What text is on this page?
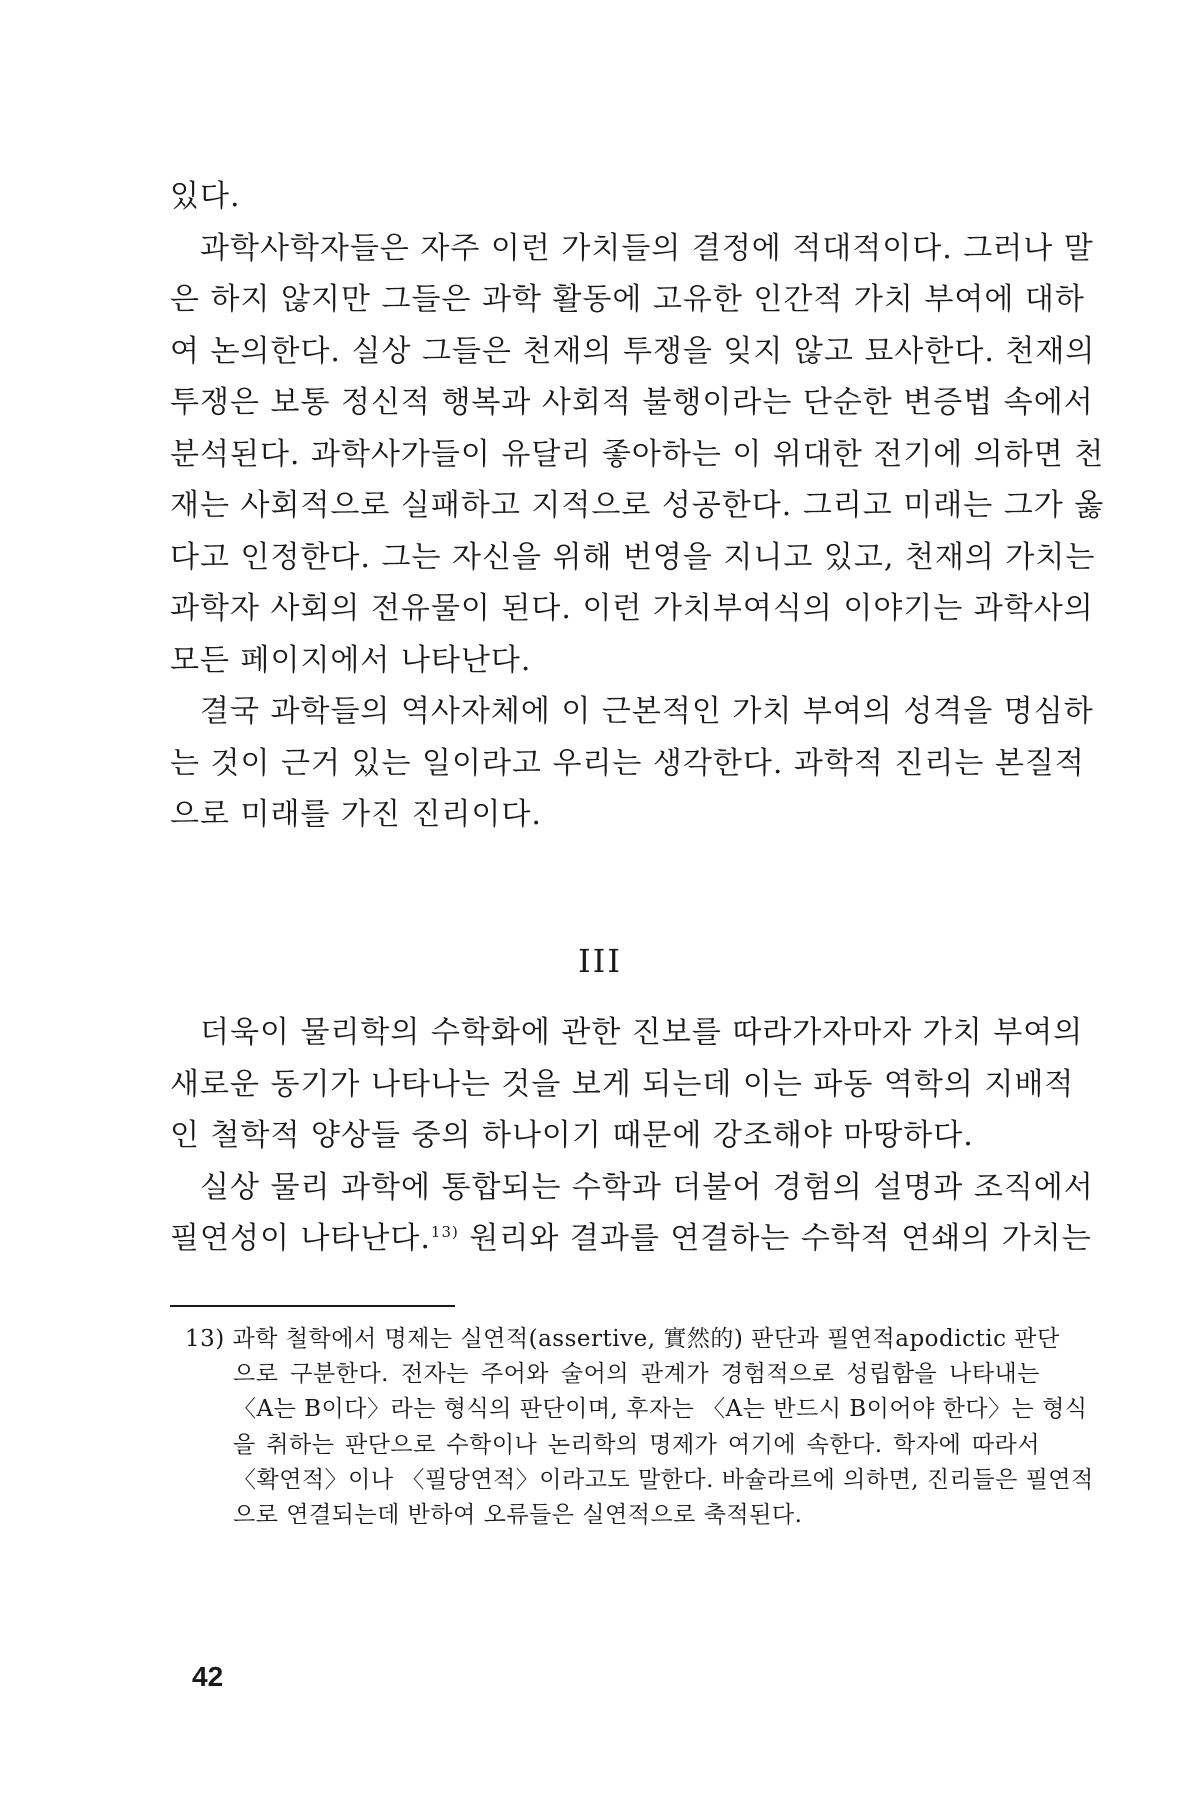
있다.
과학사학자들은 자주 이런 가치들의 결정에 적대적이다. 그러나 말
은 하지 않지만 그들은 과학 활동에 고유한 인간적 가치 부여에 대하
여 논의한다. 실상 그들은 천재의 투쟁을 잊지 않고 묘사한다. 천재의
투쟁은 보통 정신적 행복과 사회적 불행이라는 단순한 변증법 속에서
분석된다. 과학사가들이 유달리 좋아하는 이 위대한 전기에 의하면 천
재는 사회적으로 실패하고 지적으로 성공한다. 그리고 미래는 그가 옳
다고 인정한다. 그는 자신을 위해 번영을 지니고 있고, 천재의 가치는
과학자 사회의 전유물이 된다. 이런 가치부여식의 이야기는 과학사의
모든 페이지에서 나타난다.
결국 과학들의 역사자체에 이 근본적인 가치 부여의 성격을 명심하
는 것이 근거 있는 일이라고 우리는 생각한다. 과학적 진리는 본질적
으로 미래를 가진 진리이다.
III
더욱이 물리학의 수학화에 관한 진보를 따라가자마자 가치 부여의
새로운 동기가 나타나는 것을 보게 되는데 이는 파동 역학의 지배적
인 철학적 양상들 중의 하나이기 때문에 강조해야 마땅하다.
실상 물리 과학에 통합되는 수학과 더불어 경험의 설명과 조직에서
필연성이 나타난다.$^{13)}$ 원리와 결과를 연결하는 수학적 연쇄의 가치는
13) 과학 철학에서 명제는 실연적(assertive, 實然的) 판단과 필연적apodictic 판단
으로 구분한다. 전자는 주어와 술어의 관계가 경험적으로 성립함을 나타내는
〈A는 B이다〉라는 형식의 판단이며, 후자는 〈A는 반드시 B이어야 한다〉는 형식
을 취하는 판단으로 수학이나 논리학의 명제가 여기에 속한다. 학자에 따라서
〈확연적〉이나 〈필당연적〉이라고도 말한다. 바슐라르에 의하면, 진리들은 필연적
으로 연결되는데 반하여 오류들은 실연적으로 축적된다.
42
